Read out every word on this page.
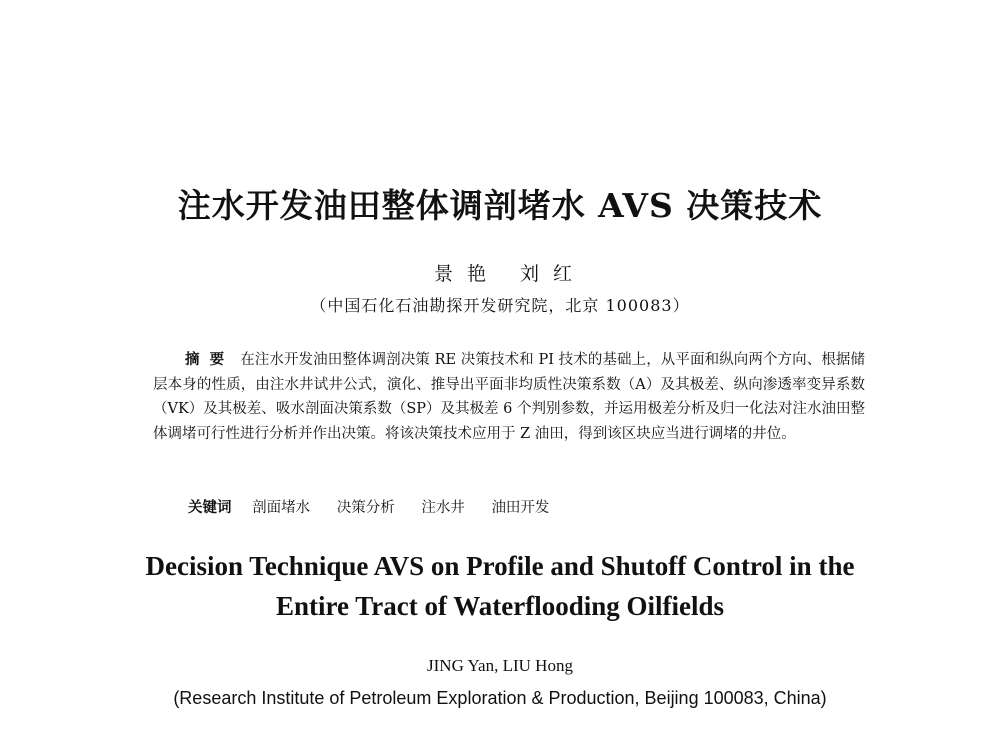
注水开发油田整体调剖堵水 AVS 决策技术
景艳 刘红
（中国石化石油勘探开发研究院，北京 100083）
摘要 在注水开发油田整体调剖决策 RE 决策技术和 PI 技术的基础上，从平面和纵向两个方向、根据储层本身的性质，由注水井试井公式，演化、推导出平面非均质性决策系数（A）及其极差、纵向渗透率变异系数（VK）及其极差、吸水剖面决策系数（SP）及其极差 6 个判别参数，并运用极差分析及归一化法对注水油田整体调堵可行性进行分析并作出决策。将该决策技术应用于 Z 油田，得到该区块应当进行调堵的井位。
关键词 剖面堵水 决策分析 注水井 油田开发
Decision Technique AVS on Profile and Shutoff Control in the
Entire Tract of Waterflooding Oilfields
JING Yan, LIU Hong
(Research Institute of Petroleum Exploration & Production, Beijing 100083, China)
